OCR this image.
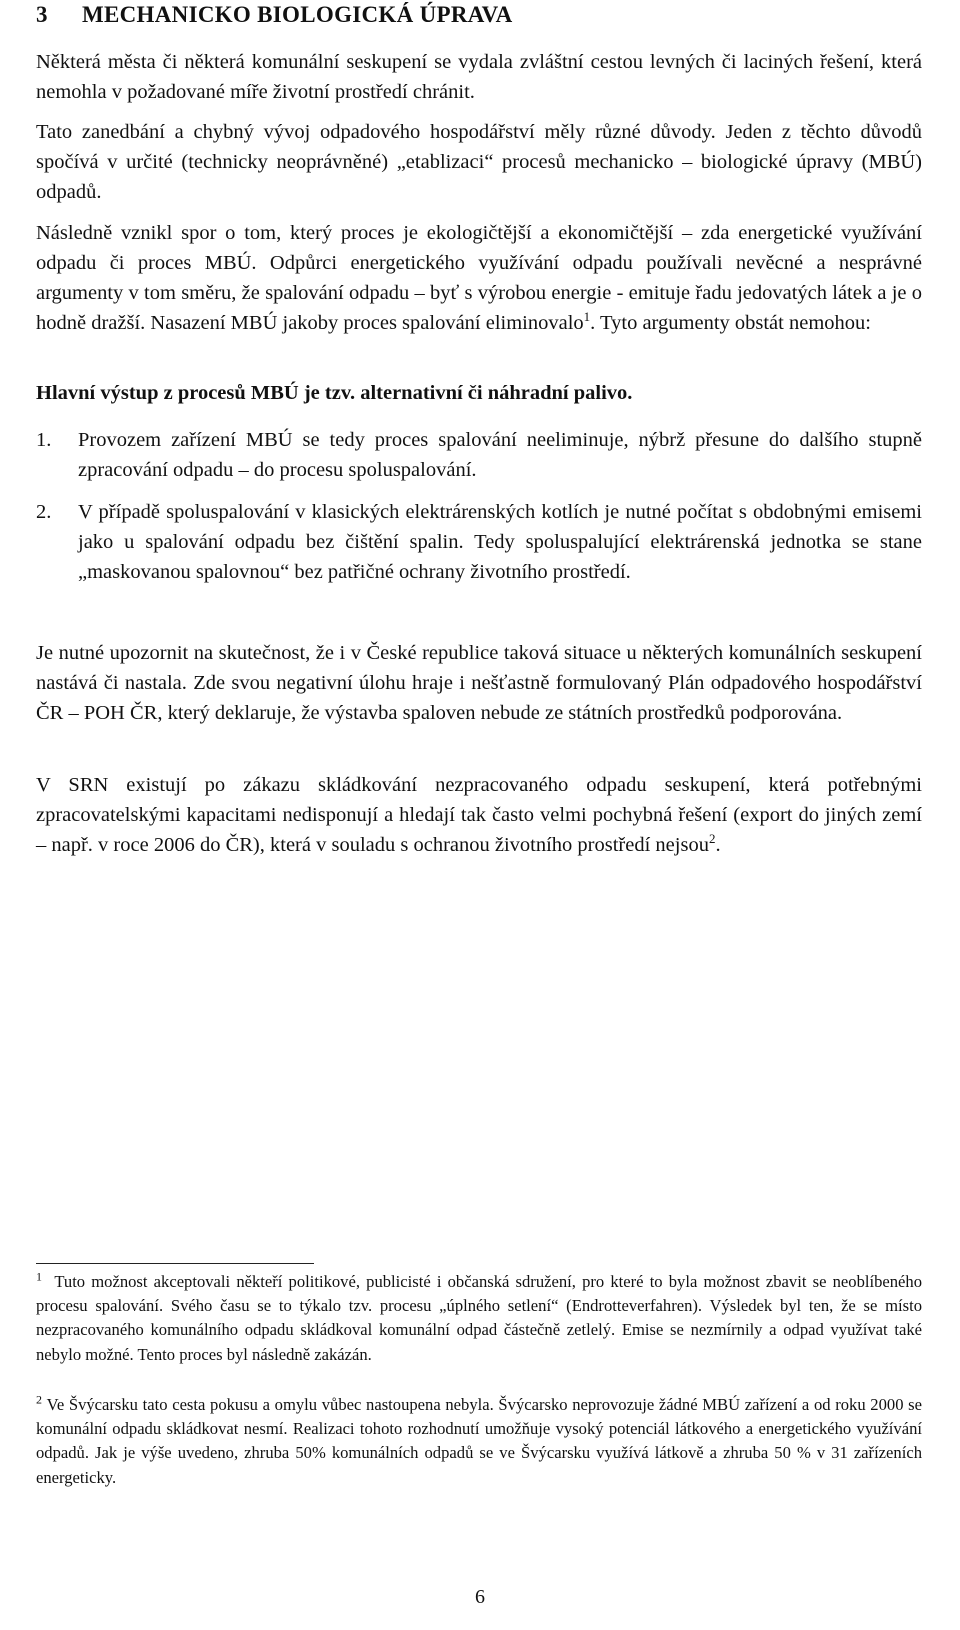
3 MECHANICKO BIOLOGICKÁ ÚPRAVA

Některá města či některá komunální seskupení se vydala zvláštní cestou levných či laciných řešení, která nemohla v požadované míře životní prostředí chránit.

Tato zanedbání a chybný vývoj odpadového hospodářství měly různé důvody. Jeden z těchto důvodů spočívá v určité (technicky neoprávněné) „etablizaci“ procesů mechanicko – biologické úpravy (MBÚ) odpadů.

Následně vznikl spor o tom, který proces je ekologičtější a ekonomičtější – zda energetické využívání odpadu či proces MBÚ. Odpůrci energetického využívání odpadu používali nevěcné a nesprávné argumenty v tom směru, že spalování odpadu – byť s výrobou energie - emituje řadu jedovatých látek a je o hodně dražší. Nasazení MBÚ jakoby proces spalování eliminovalo$^1$. Tyto argumenty obstát nemohou:

Hlavní výstup z procesů MBÚ je tzv. alternativní či náhradní palivo.

1. Provozem zařízení MBÚ se tedy proces spalování neeliminuje, nýbrž přesune do dalšího stupně zpracování odpadu – do procesu spoluspalování.
2. V případě spoluspalování v klasických elektrárenských kotlích je nutné počítat s obdobnými emisemi jako u spalování odpadu bez čištění spalin. Tedy spoluspalující elektrárenská jednotka se stane „maskovanou spalovnou“ bez patřičné ochrany životního prostředí.

Je nutné upozornit na skutečnost, že i v České republice taková situace u některých komunálních seskupení nastává či nastala. Zde svou negativní úlohu hraje i nešťastně formulovaný Plán odpadového hospodářství ČR – POH ČR, který deklaruje, že výstavba spaloven nebude ze státních prostředků podporována.

V SRN existují po zákazu skládkování nezpracovaného odpadu seskupení, která potřebnými zpracovatelskými kapacitami nedisponují a hledají tak často velmi pochybná řešení (export do jiných zemí – např. v roce 2006 do ČR), která v souladu s ochranou životního prostředí nejsou$^2$.

$^1$ Tuto možnost akceptovali někteří politikové, publicisté i občanská sdružení, pro které to byla možnost zbavit se neoblíbeného procesu spalování. Svého času se to týkalo tzv. procesu „úplného setlení“ (Endrotteverfahren). Výsledek byl ten, že se místo nezpracovaného komunálního odpadu skládkoval komunální odpad částečně zetlelý. Emise se nezmírnily a odpad využívat také nebylo možné. Tento proces byl následně zakázán.
$^2$ Ve Švýcarsku tato cesta pokusu a omylu vůbec nastoupena nebyla. Švýcarsko neprovozuje žádné MBÚ zařízení a od roku 2000 se komunální odpadu skládkovat nesmí. Realizaci tohoto rozhodnutí umožňuje vysoký potenciál látkového a energetického využívání odpadů. Jak je výše uvedeno, zhruba 50% komunálních odpadů se ve Švýcarsku využívá látkově a zhruba 50 % v 31 zařízeních energeticky.
6
